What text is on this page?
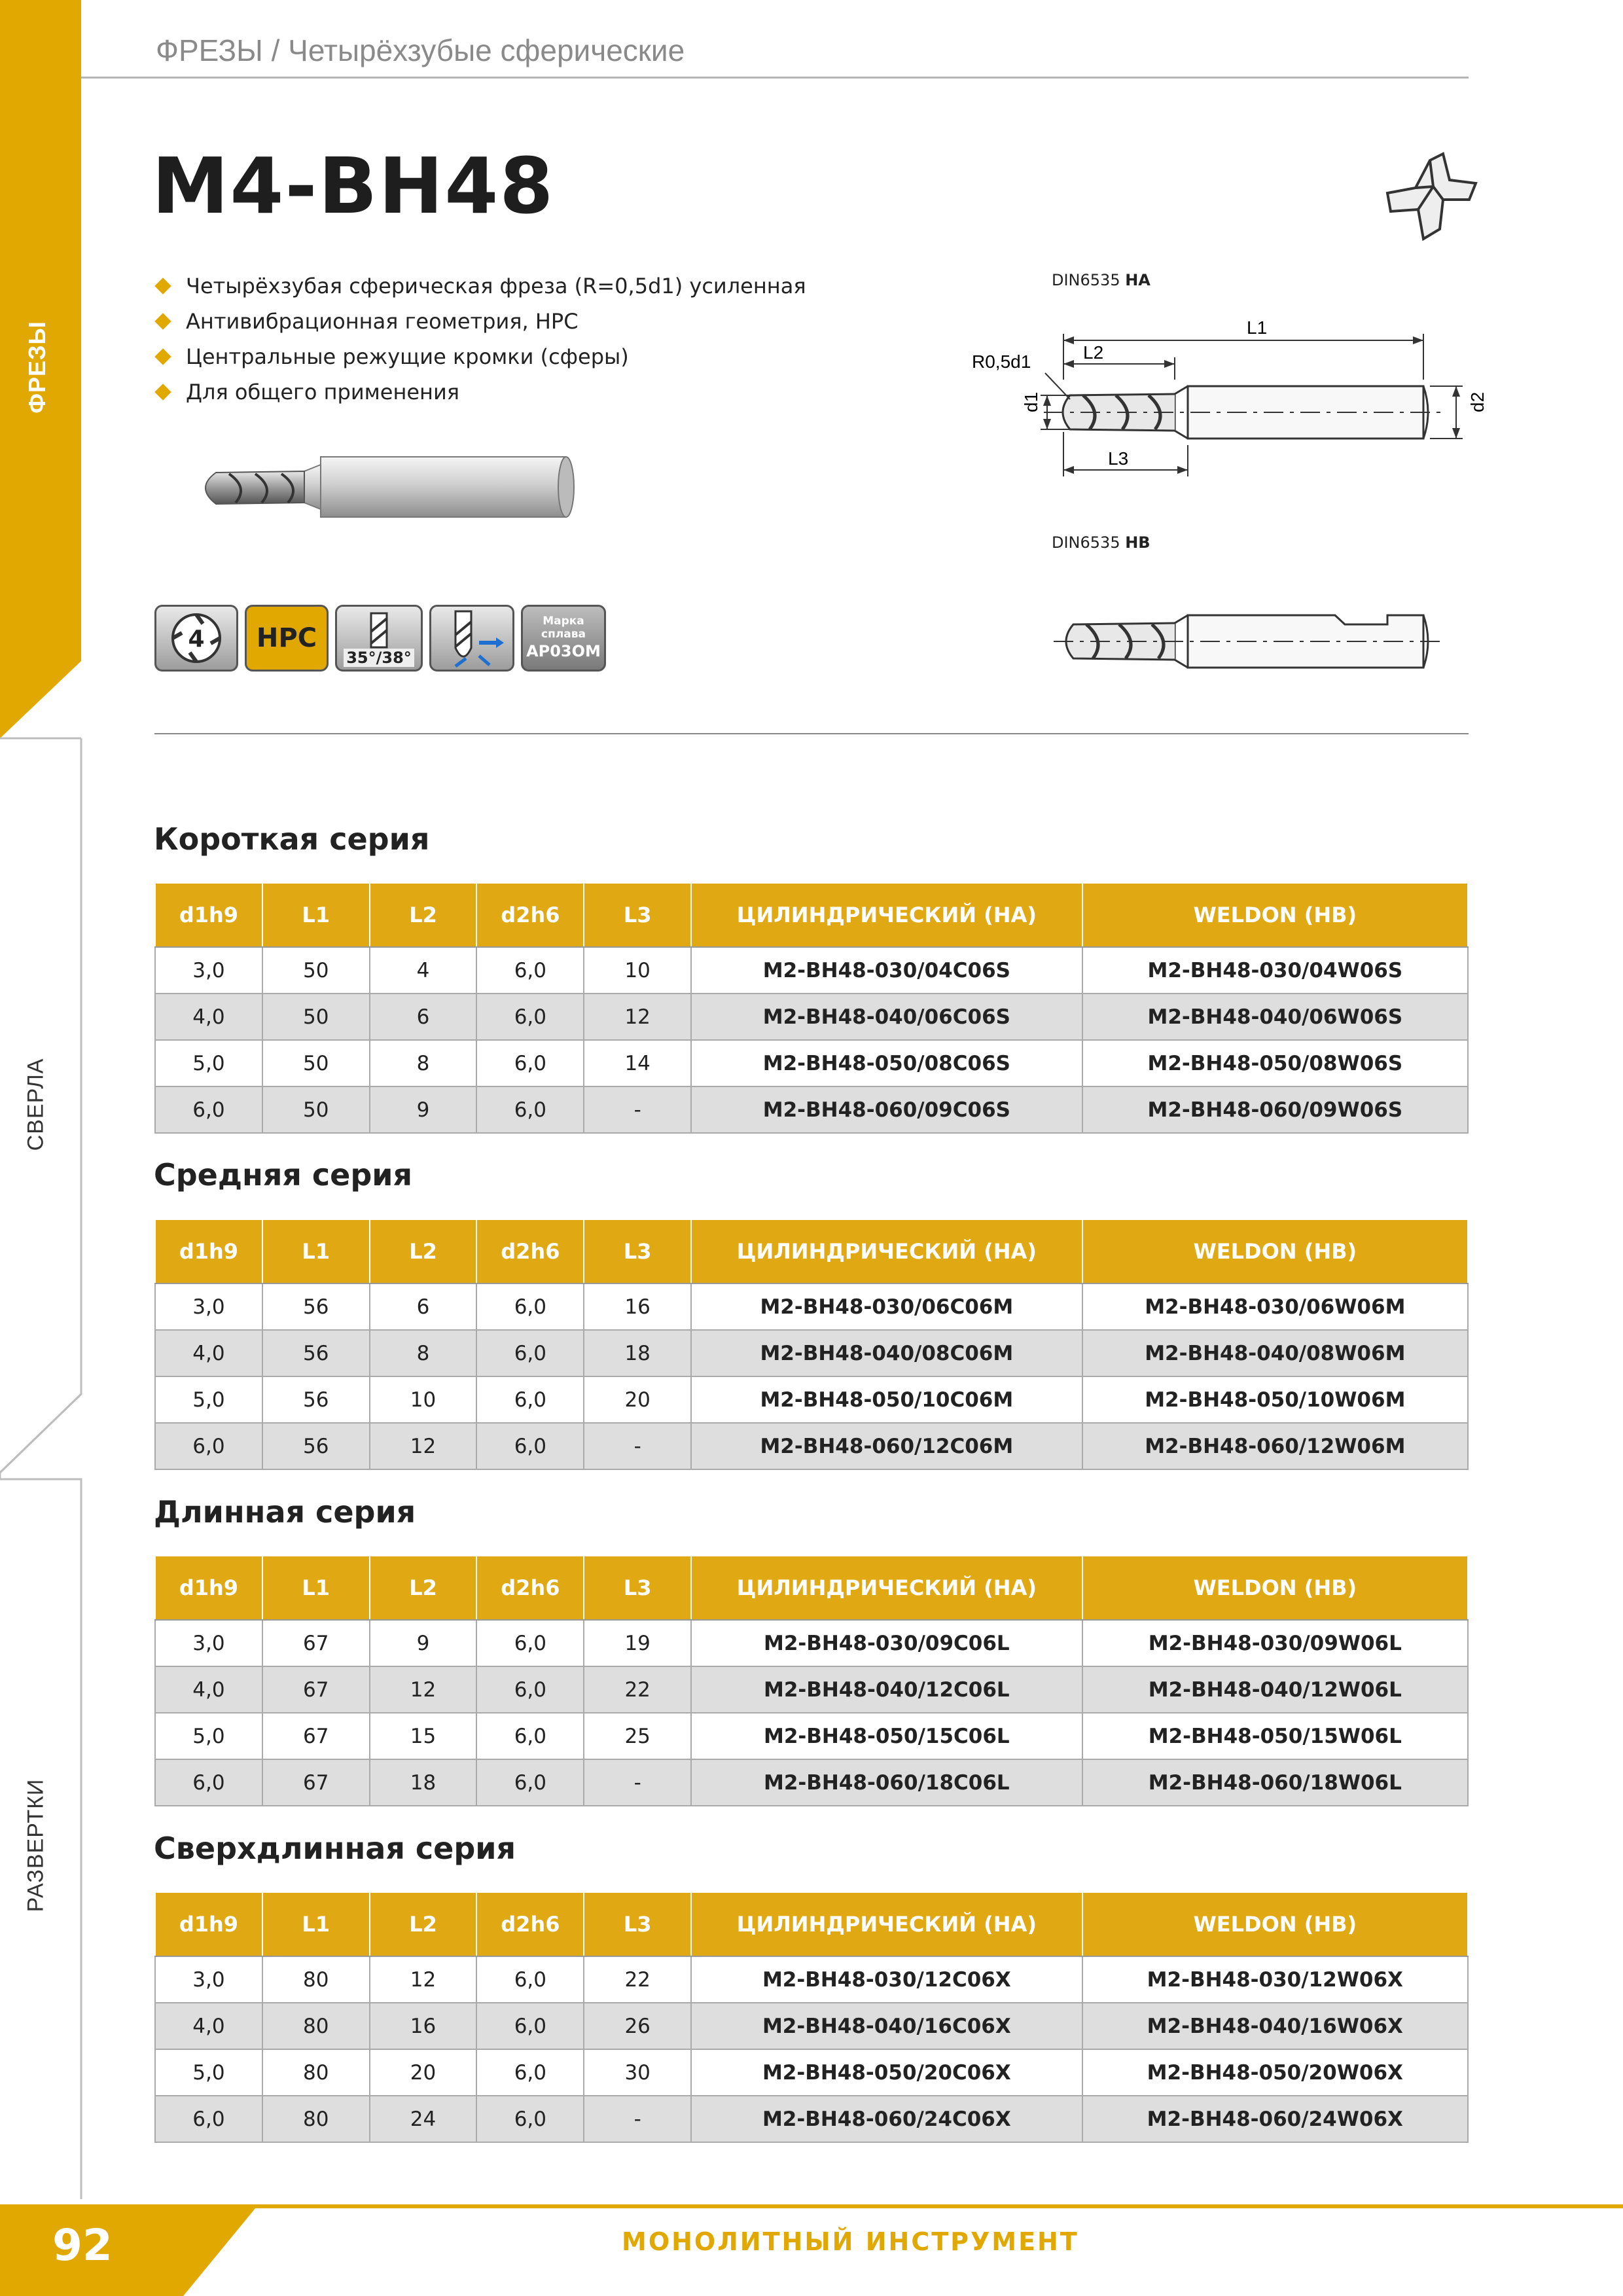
ФРЕЗЫ
СВЕРЛА
РАЗВЕРТКИ
ФРЕЗЫ / Четырёхзубые сферические
M4-BH48
Четырёхзубая сферическая фреза (R=0,5d1) усиленная
Антивибрационная геометрия, HPC
Центральные режущие кромки (сферы)
Для общего применения
4 HPC
35°/38°
Марка
сплава
AP03OM
DIN6535 HA
L1
L2
L3
R0,5d1
d1	d2
DIN6535 HB
Короткая серия
d1h9	L1	L2	d2h6	L3	ЦИЛИНДРИЧЕСКИЙ (HA)	WELDON (HB)
3,0	50	4	6,0	10	M2-BH48-030/04C06S	M2-BH48-030/04W06S
4,0	50	6	6,0	12	M2-BH48-040/06C06S	M2-BH48-040/06W06S
5,0	50	8	6,0	14	M2-BH48-050/08C06S	M2-BH48-050/08W06S
6,0	50	9	6,0	-	M2-BH48-060/09C06S	M2-BH48-060/09W06S
Средняя серия
d1h9	L1	L2	d2h6	L3	ЦИЛИНДРИЧЕСКИЙ (HA)	WELDON (HB)
3,0	56	6	6,0	16	M2-BH48-030/06C06M	M2-BH48-030/06W06M
4,0	56	8	6,0	18	M2-BH48-040/08C06M	M2-BH48-040/08W06M
5,0	56	10	6,0	20	M2-BH48-050/10C06M	M2-BH48-050/10W06M
6,0	56	12	6,0	-	M2-BH48-060/12C06M	M2-BH48-060/12W06M
Длинная серия
d1h9	L1	L2	d2h6	L3	ЦИЛИНДРИЧЕСКИЙ (HA)	WELDON (HB)
3,0	67	9	6,0	19	M2-BH48-030/09C06L	M2-BH48-030/09W06L
4,0	67	12	6,0	22	M2-BH48-040/12C06L	M2-BH48-040/12W06L
5,0	67	15	6,0	25	M2-BH48-050/15C06L	M2-BH48-050/15W06L
6,0	67	18	6,0	-	M2-BH48-060/18C06L	M2-BH48-060/18W06L
Сверхдлинная серия
d1h9	L1	L2	d2h6	L3	ЦИЛИНДРИЧЕСКИЙ (HA)	WELDON (HB)
3,0	80	12	6,0	22	M2-BH48-030/12C06X	M2-BH48-030/12W06X
4,0	80	16	6,0	26	M2-BH48-040/16C06X	M2-BH48-040/16W06X
5,0	80	20	6,0	30	M2-BH48-050/20C06X	M2-BH48-050/20W06X
6,0	80	24	6,0	-	M2-BH48-060/24C06X	M2-BH48-060/24W06X
92	МОНОЛИТНЫЙ ИНСТРУМЕНТ
